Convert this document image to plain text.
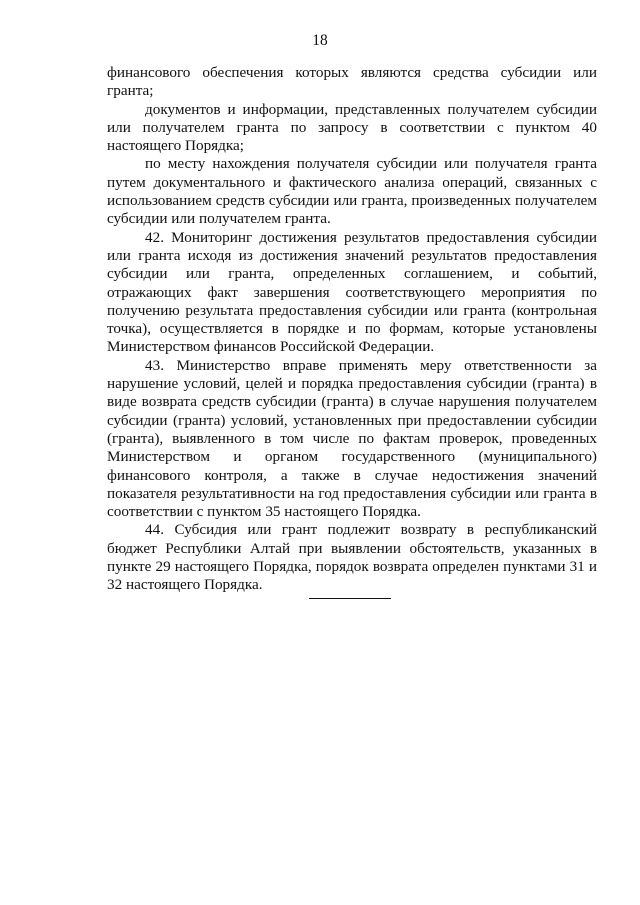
18

финансового обеспечения которых являются средства субсидии или гранта;

документов и информации, представленных получателем субсидии или получателем гранта по запросу в соответствии с пунктом 40 настоящего Порядка;

по месту нахождения получателя субсидии или получателя гранта путем документального и фактического анализа операций, связанных с использованием средств субсидии или гранта, произведенных получателем субсидии или получателем гранта.

42. Мониторинг достижения результатов предоставления субсидии или гранта исходя из достижения значений результатов предоставления субсидии или гранта, определенных соглашением, и событий, отражающих факт завершения соответствующего мероприятия по получению результата предоставления субсидии или гранта (контрольная точка), осуществляется в порядке и по формам, которые установлены Министерством финансов Российской Федерации.

43. Министерство вправе применять меру ответственности за нарушение условий, целей и порядка предоставления субсидии (гранта) в виде возврата средств субсидии (гранта) в случае нарушения получателем субсидии (гранта) условий, установленных при предоставлении субсидии (гранта), выявленного в том числе по фактам проверок, проведенных Министерством и органом государственного (муниципального) финансового контроля, а также в случае недостижения значений показателя результативности на год предоставления субсидии или гранта в соответствии с пунктом 35 настоящего Порядка.

44. Субсидия или грант подлежит возврату в республиканский бюджет Республики Алтай при выявлении обстоятельств, указанных в пункте 29 настоящего Порядка, порядок возврата определен пунктами 31 и 32 настоящего Порядка.
